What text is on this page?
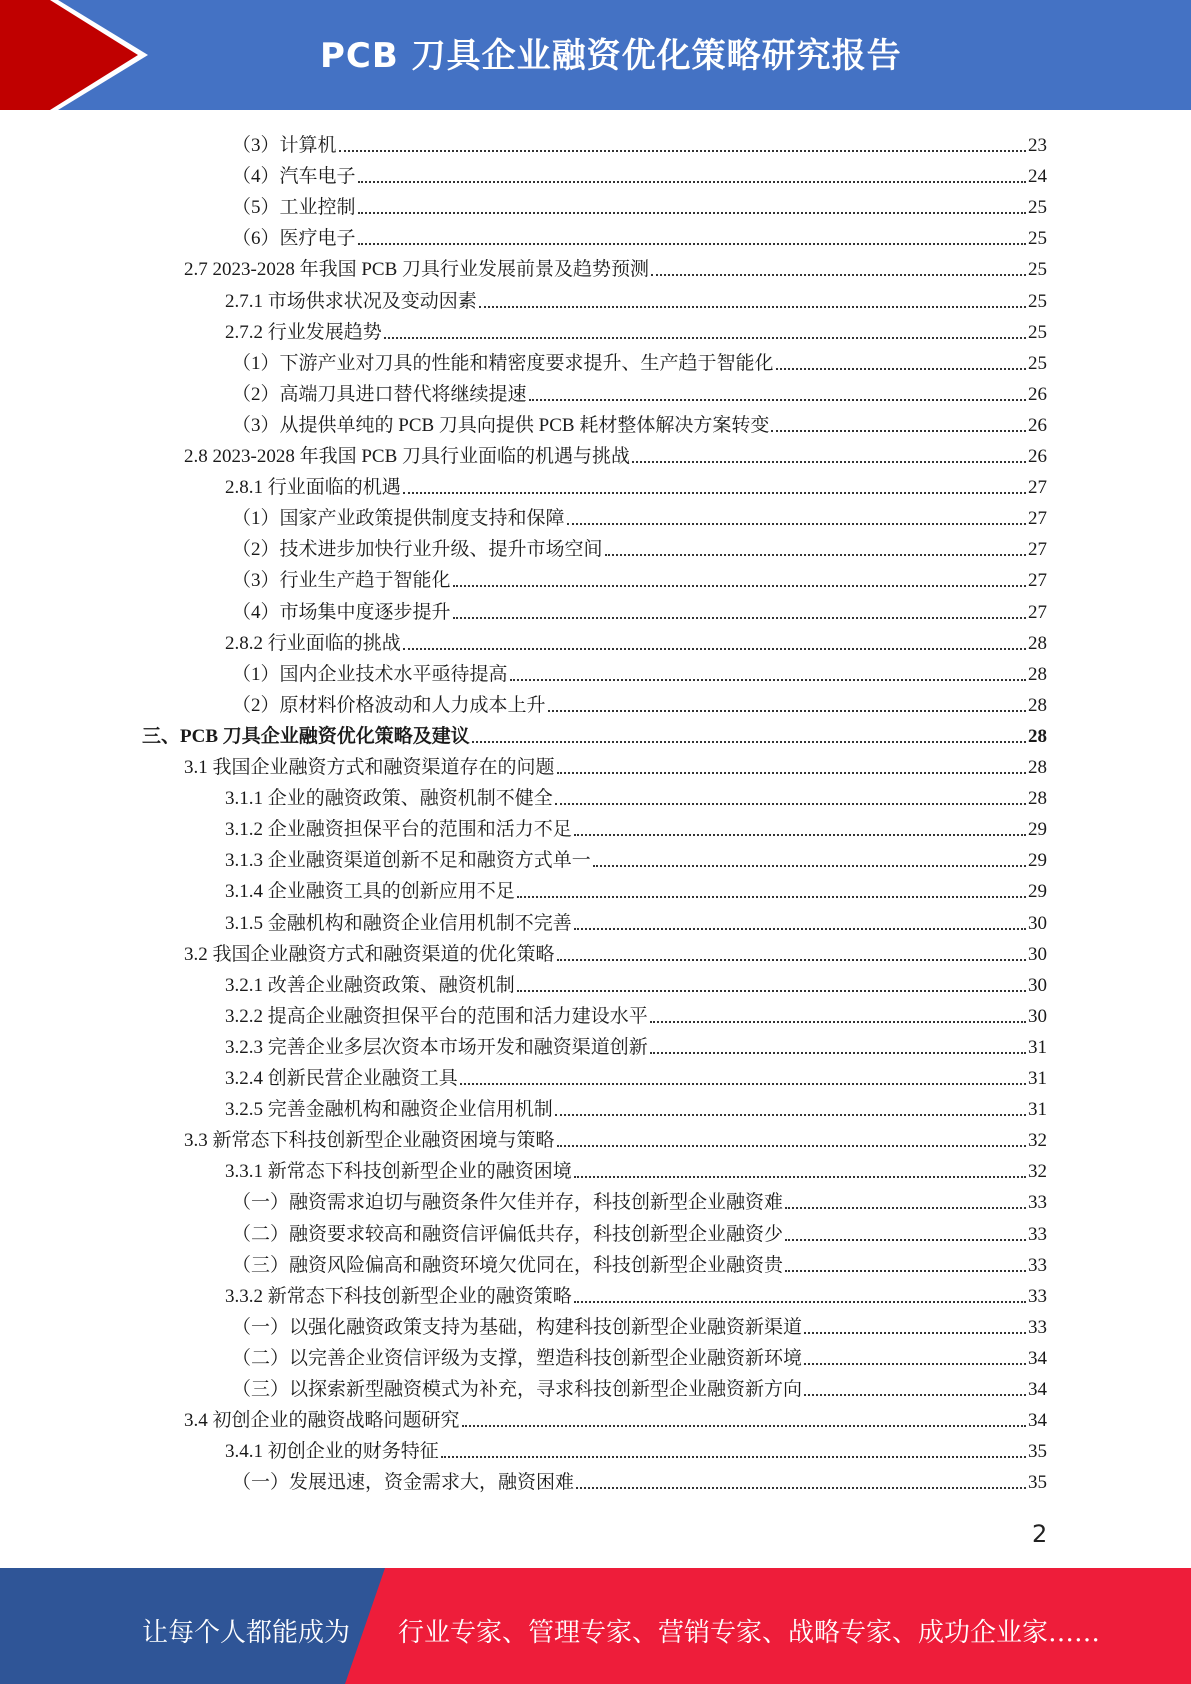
PCB 刀具企业融资优化策略研究报告
（3）计算机	23
（4）汽车电子	24
（5）工业控制	25
（6）医疗电子	25
2.7 2023-2028 年我国 PCB 刀具行业发展前景及趋势预测	25
2.7.1 市场供求状况及变动因素	25
2.7.2 行业发展趋势	25
（1）下游产业对刀具的性能和精密度要求提升、生产趋于智能化	25
（2）高端刀具进口替代将继续提速	26
（3）从提供单纯的 PCB 刀具向提供 PCB 耗材整体解决方案转变	26
2.8 2023-2028 年我国 PCB 刀具行业面临的机遇与挑战	26
2.8.1 行业面临的机遇	27
（1）国家产业政策提供制度支持和保障	27
（2）技术进步加快行业升级、提升市场空间	27
（3）行业生产趋于智能化	27
（4）市场集中度逐步提升	27
2.8.2 行业面临的挑战	28
（1）国内企业技术水平亟待提高	28
（2）原材料价格波动和人力成本上升	28
三、PCB 刀具企业融资优化策略及建议	28
3.1 我国企业融资方式和融资渠道存在的问题	28
3.1.1 企业的融资政策、融资机制不健全	28
3.1.2 企业融资担保平台的范围和活力不足	29
3.1.3 企业融资渠道创新不足和融资方式单一	29
3.1.4 企业融资工具的创新应用不足	29
3.1.5 金融机构和融资企业信用机制不完善	30
3.2 我国企业融资方式和融资渠道的优化策略	30
3.2.1 改善企业融资政策、融资机制	30
3.2.2 提高企业融资担保平台的范围和活力建设水平	30
3.2.3 完善企业多层次资本市场开发和融资渠道创新	31
3.2.4 创新民营企业融资工具	31
3.2.5 完善金融机构和融资企业信用机制	31
3.3 新常态下科技创新型企业融资困境与策略	32
3.3.1 新常态下科技创新型企业的融资困境	32
（一）融资需求迫切与融资条件欠佳并存，科技创新型企业融资难	33
（二）融资要求较高和融资信评偏低共存，科技创新型企业融资少	33
（三）融资风险偏高和融资环境欠优同在，科技创新型企业融资贵	33
3.3.2 新常态下科技创新型企业的融资策略	33
（一）以强化融资政策支持为基础，构建科技创新型企业融资新渠道	33
（二）以完善企业资信评级为支撑，塑造科技创新型企业融资新环境	34
（三）以探索新型融资模式为补充，寻求科技创新型企业融资新方向	34
3.4 初创企业的融资战略问题研究	34
3.4.1 初创企业的财务特征	35
（一）发展迅速，资金需求大，融资困难	35
2
让每个人都能成为 行业专家、管理专家、营销专家、战略专家、成功企业家……
